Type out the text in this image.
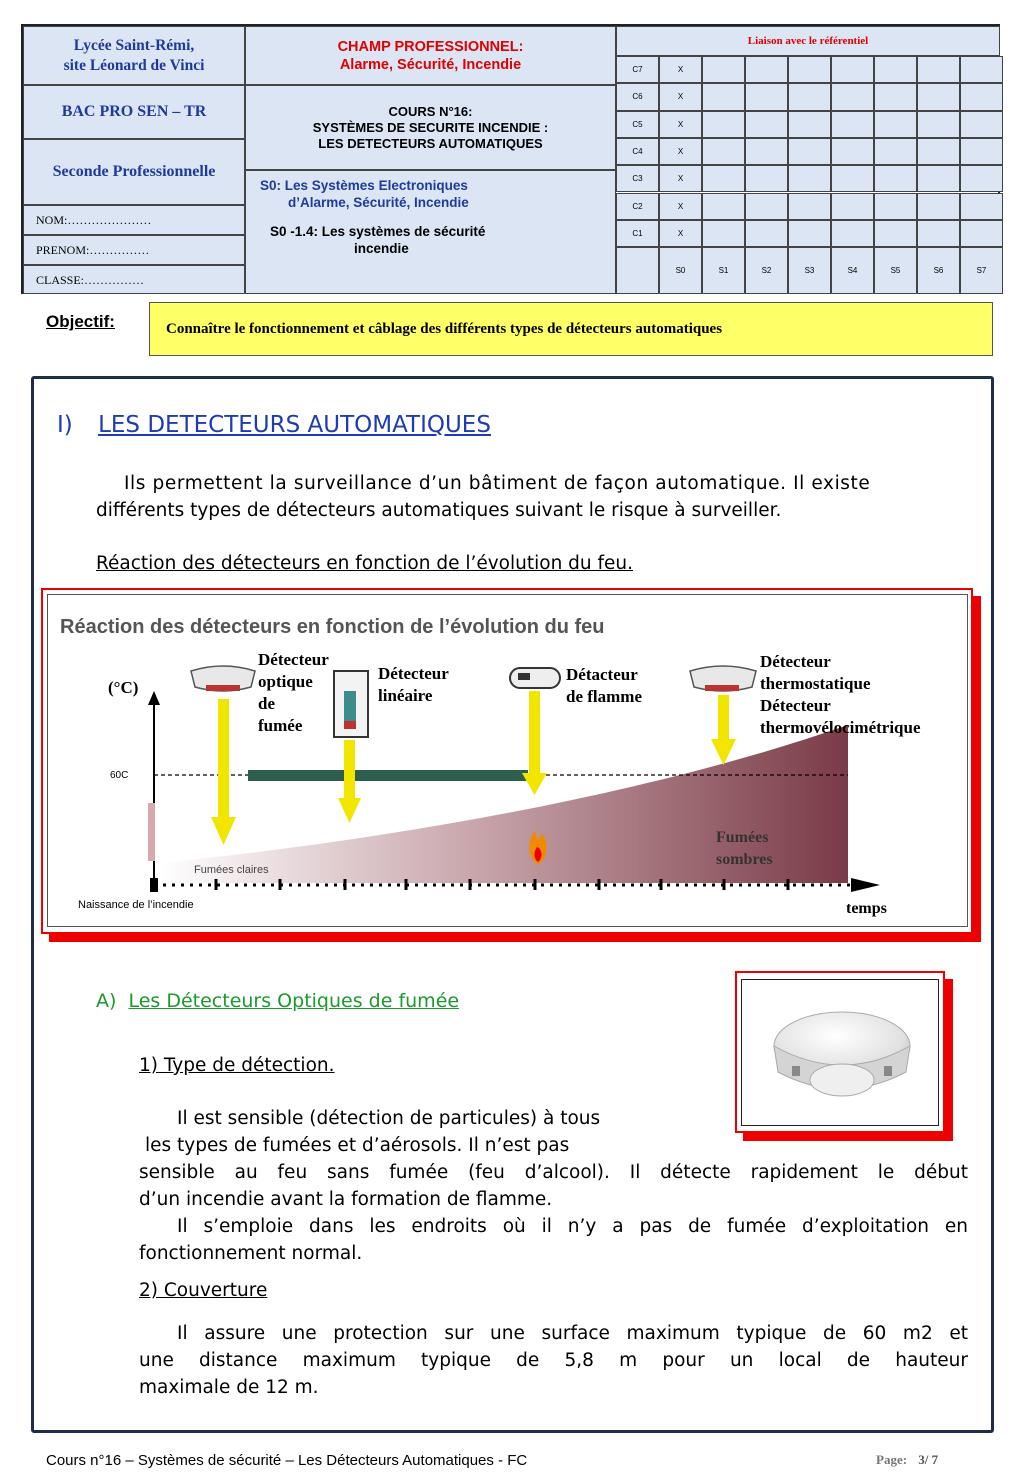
Lycée Saint-Rémi,
site Léonard de Vinci
BAC PRO SEN – TR
Seconde Professionnelle
NOM:…………………
PRENOM:……………
CLASSE:……………
CHAMP PROFESSIONNEL:
Alarme, Sécurité, Incendie
COURS N°16:
SYSTÈMES DE SECURITE INCENDIE :
LES DETECTEURS AUTOMATIQUES
S0: Les Systèmes Electroniques
d’Alarme, Sécurité, Incendie
S0 -1.4: Les systèmes de sécurité
incendie
Liaison avec le référentiel
C7	X
C6	X
C5	X
C4	X
C3	X
C2	X
C1	X
S0	S1	S2	S3	S4	S5	S6	S7
Objectif:	Connaître le fonctionnement et câblage des différents types de détecteurs automatiques
I) LES DETECTEURS AUTOMATIQUES
Ils permettent la surveillance d’un bâtiment de façon automatique. Il existe
différents types de détecteurs automatiques suivant le risque à surveiller.
Réaction des détecteurs en fonction de l’évolution du feu.
Réaction des détecteurs en fonction de l’évolution du feu
(°C)
60C
Naissance de l’incendie	temps
Fumées claires
Fumées
sombres
Détecteur
optique
de
fumée
Détecteur
linéaire
Détacteur
de flamme
Détecteur
thermostatique
Détecteur
thermovélocimétrique
A) Les Détecteurs Optiques de fumée
1) Type de détection.
Il est sensible (détection de particules) à tous
les types de fumées et d’aérosols. Il n’est pas
sensible au feu sans fumée (feu d’alcool). Il détecte rapidement le début
d’un incendie avant la formation de flamme.
Il s’emploie dans les endroits où il n’y a pas de fumée d’exploitation en
fonctionnement normal.
2) Couverture
Il assure une protection sur une surface maximum typique de 60 m2 et
une distance maximum typique de 5,8 m pour un local de hauteur
maximale de 12 m.
Cours n°16 – Systèmes de sécurité – Les Détecteurs Automatiques - FC	Page: 3/ 7
